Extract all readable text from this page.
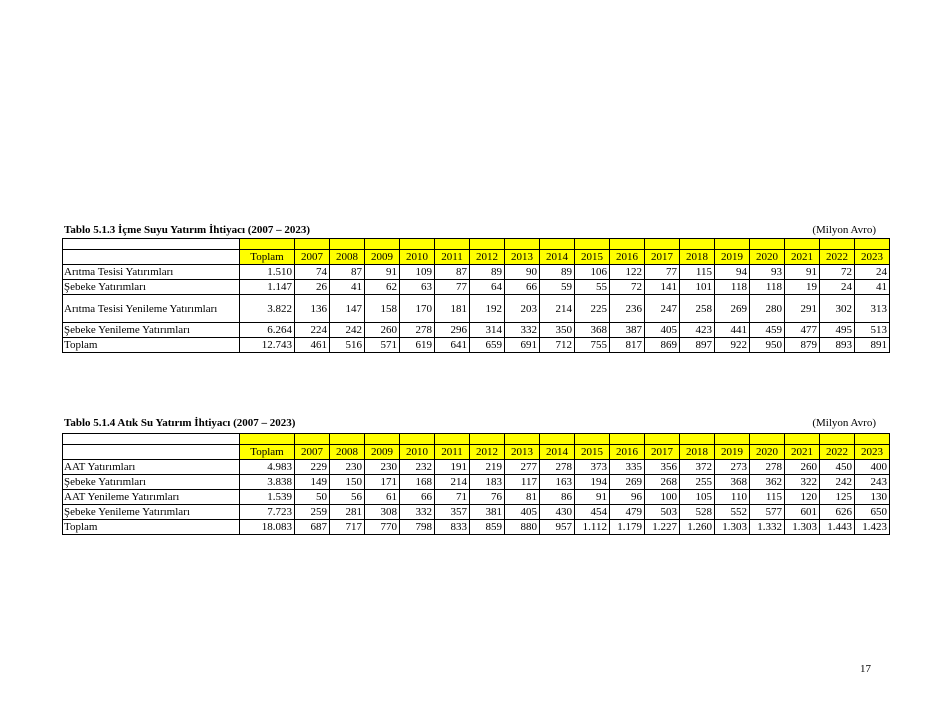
Tablo 5.1.3 İçme Suyu Yatırım İhtiyacı (2007 – 2023)	(Milyon Avro)

	Toplam	2007	2008	2009	2010	2011	2012	2013	2014	2015	2016	2017	2018	2019	2020	2021	2022	2023
Arıtma Tesisi Yatırımları	1.510	74	87	91	109	87	89	90	89	106	122	77	115	94	93	91	72	24
Şebeke Yatırımları	1.147	26	41	62	63	77	64	66	59	55	72	141	101	118	118	19	24	41
Arıtma Tesisi Yenileme Yatırımları	3.822	136	147	158	170	181	192	203	214	225	236	247	258	269	280	291	302	313
Şebeke Yenileme Yatırımları	6.264	224	242	260	278	296	314	332	350	368	387	405	423	441	459	477	495	513
Toplam	12.743	461	516	571	619	641	659	691	712	755	817	869	897	922	950	879	893	891
Tablo 5.1.4 Atık Su Yatırım İhtiyacı (2007 – 2023)	(Milyon Avro)

	Toplam	2007	2008	2009	2010	2011	2012	2013	2014	2015	2016	2017	2018	2019	2020	2021	2022	2023
AAT Yatırımları	4.983	229	230	230	232	191	219	277	278	373	335	356	372	273	278	260	450	400
Şebeke Yatırımları	3.838	149	150	171	168	214	183	117	163	194	269	268	255	368	362	322	242	243
AAT Yenileme Yatırımları	1.539	50	56	61	66	71	76	81	86	91	96	100	105	110	115	120	125	130
Şebeke Yenileme Yatırımları	7.723	259	281	308	332	357	381	405	430	454	479	503	528	552	577	601	626	650
Toplam	18.083	687	717	770	798	833	859	880	957	1.112	1.179	1.227	1.260	1.303	1.332	1.303	1.443	1.423
17
